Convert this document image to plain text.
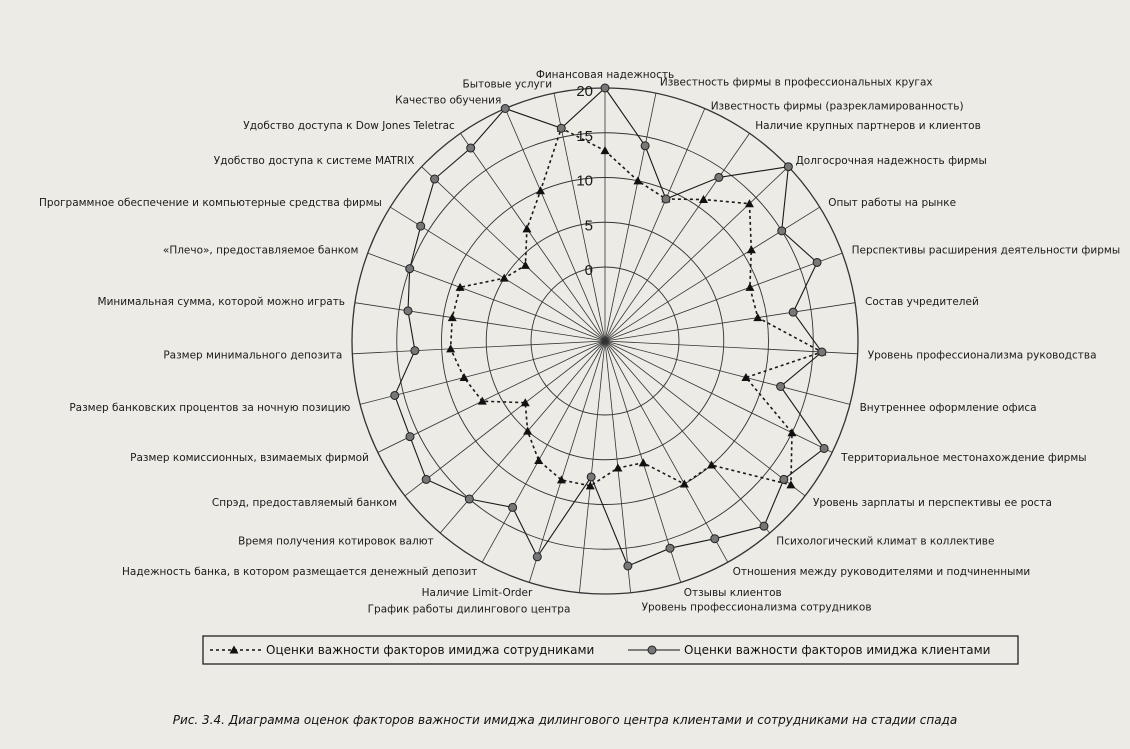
0
5
10
15
20
Финансовая надежность
Известность фирмы в профессиональных кругах
Известность фирмы (разрекламированность)
Наличие крупных партнеров и клиентов
Долгосрочная надежность фирмы
Опыт работы на рынке
Перспективы расширения деятельности фирмы
Состав учредителей
Уровень профессионализма руководства
Внутреннее оформление офиса
Территориальное местонахождение фирмы
Уровень зарплаты и перспективы ее роста
Психологический климат в коллективе
Отношения между руководителями и подчиненными
Отзывы клиентов
Уровень профессионализма сотрудников
График работы дилингового центра
Наличие Limit-Order
Надежность банка, в котором размещается денежный депозит
Время получения котировок валют
Спрэд, предоставляемый банком
Размер комиссионных, взимаемых фирмой
Размер банковских процентов за ночную позицию
Размер минимального депозита
Минимальная сумма, которой можно играть
«Плечо», предоставляемое банком
Программное обеспечение и компьютерные средства фирмы
Удобство доступа к системе MATRIX
Удобство доступа к Dow Jones Teletrac
Качество обучения
Бытовые услуги
Оценки важности факторов имиджа сотрудниками	Оценки важности факторов имиджа клиентами
Рис. 3.4. Диаграмма оценок факторов важности имиджа дилингового центра клиентами и сотрудниками на стадии спада
